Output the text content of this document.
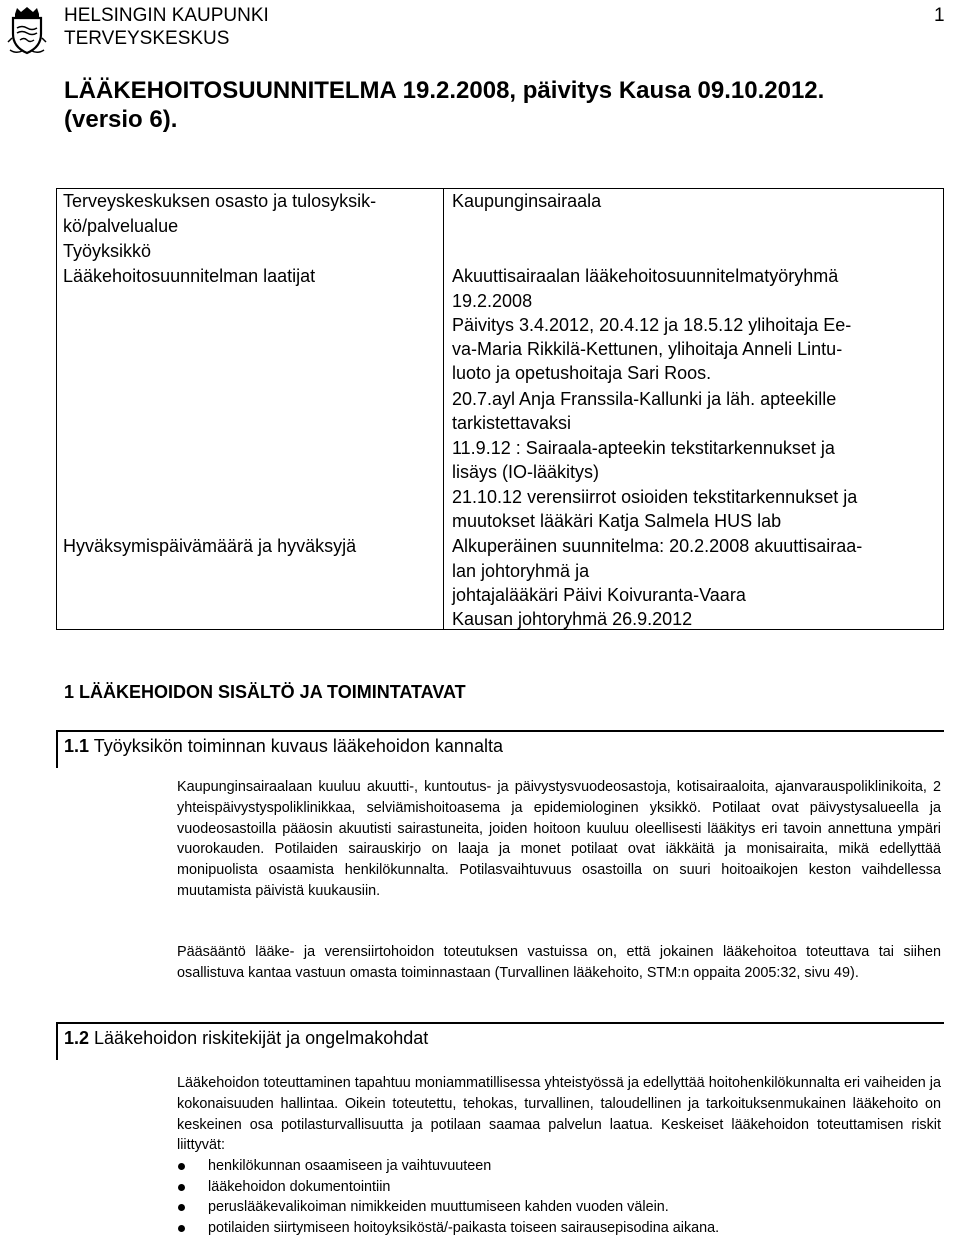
HELSINGIN KAUPUNKI
TERVEYSKESKUS
1
LÄÄKEHOITOSUUNNITELMA 19.2.2008, päivitys Kausa 09.10.2012.
(versio 6).
Terveyskeskuksen osasto ja tulosyksik-
kö/palvelualue
Työyksikkö
Lääkehoitosuunnitelman laatijat
Hyväksymispäivämäärä ja hyväksyjä
Kaupunginsairaala
Akuuttisairaalan lääkehoitosuunnitelmatyöryhmä
19.2.2008
Päivitys 3.4.2012, 20.4.12 ja 18.5.12 ylihoitaja Ee-
va-Maria Rikkilä-Kettunen, ylihoitaja Anneli Lintu-
luoto ja opetushoitaja Sari Roos.
20.7.ayl Anja Franssila-Kallunki ja läh. apteekille
tarkistettavaksi
11.9.12 : Sairaala-apteekin tekstitarkennukset ja
lisäys (IO-lääkitys)
21.10.12 verensiirrot osioiden tekstitarkennukset ja
muutokset lääkäri Katja Salmela HUS lab
Alkuperäinen suunnitelma: 20.2.2008 akuuttisairaa-
lan johtoryhmä ja
johtajalääkäri Päivi Koivuranta-Vaara
Kausan johtoryhmä 26.9.2012
1 LÄÄKEHOIDON SISÄLTÖ JA TOIMINTATAVAT
1.1 Työyksikön toiminnan kuvaus lääkehoidon kannalta
Kaupunginsairaalaan kuuluu akuutti-, kuntoutus- ja päivystysvuodeosastoja, kotisairaaloita, ajanvarauspoliklinikoita, 2 yhteispäivystyspoliklinikkaa, selviämishoitoasema ja epidemiologinen yksikkö. Potilaat ovat päivystysalueella ja vuodeosastoilla pääosin akuutisti sairastuneita, joiden hoitoon kuuluu oleellisesti lääkitys eri tavoin annettuna ympäri vuorokauden. Potilaiden sairauskirjo on laaja ja monet potilaat ovat iäkkäitä ja monisairaita, mikä edellyttää monipuolista osaamista henkilökunnalta. Potilasvaihtuvuus osastoilla on suuri hoitoaikojen keston vaihdellessa muutamista päivistä kuukausiin.
Pääsääntö lääke- ja verensiirtohoidon toteutuksen vastuissa on, että jokainen lääkehoitoa toteuttava tai siihen osallistuva kantaa vastuun omasta toiminnastaan (Turvallinen lääkehoito, STM:n oppaita 2005:32, sivu 49).
1.2 Lääkehoidon riskitekijät ja ongelmakohdat
Lääkehoidon toteuttaminen tapahtuu moniammatillisessa yhteistyössä ja edellyttää hoitohenkilökunnalta eri vaiheiden ja kokonaisuuden hallintaa. Oikein toteutettu, tehokas, turvallinen, taloudellinen ja tarkoituksenmukainen lääkehoito on keskeinen osa potilasturvallisuutta ja potilaan saamaa palvelun laatua. Keskeiset lääkehoidon toteuttamisen riskit liittyvät:
henkilökunnan osaamiseen ja vaihtuvuuteen
lääkehoidon dokumentointiin
peruslääkevalikoiman nimikkeiden muuttumiseen kahden vuoden välein.
potilaiden siirtymiseen hoitoyksiköstä/-paikasta toiseen sairausepisodina aikana.
